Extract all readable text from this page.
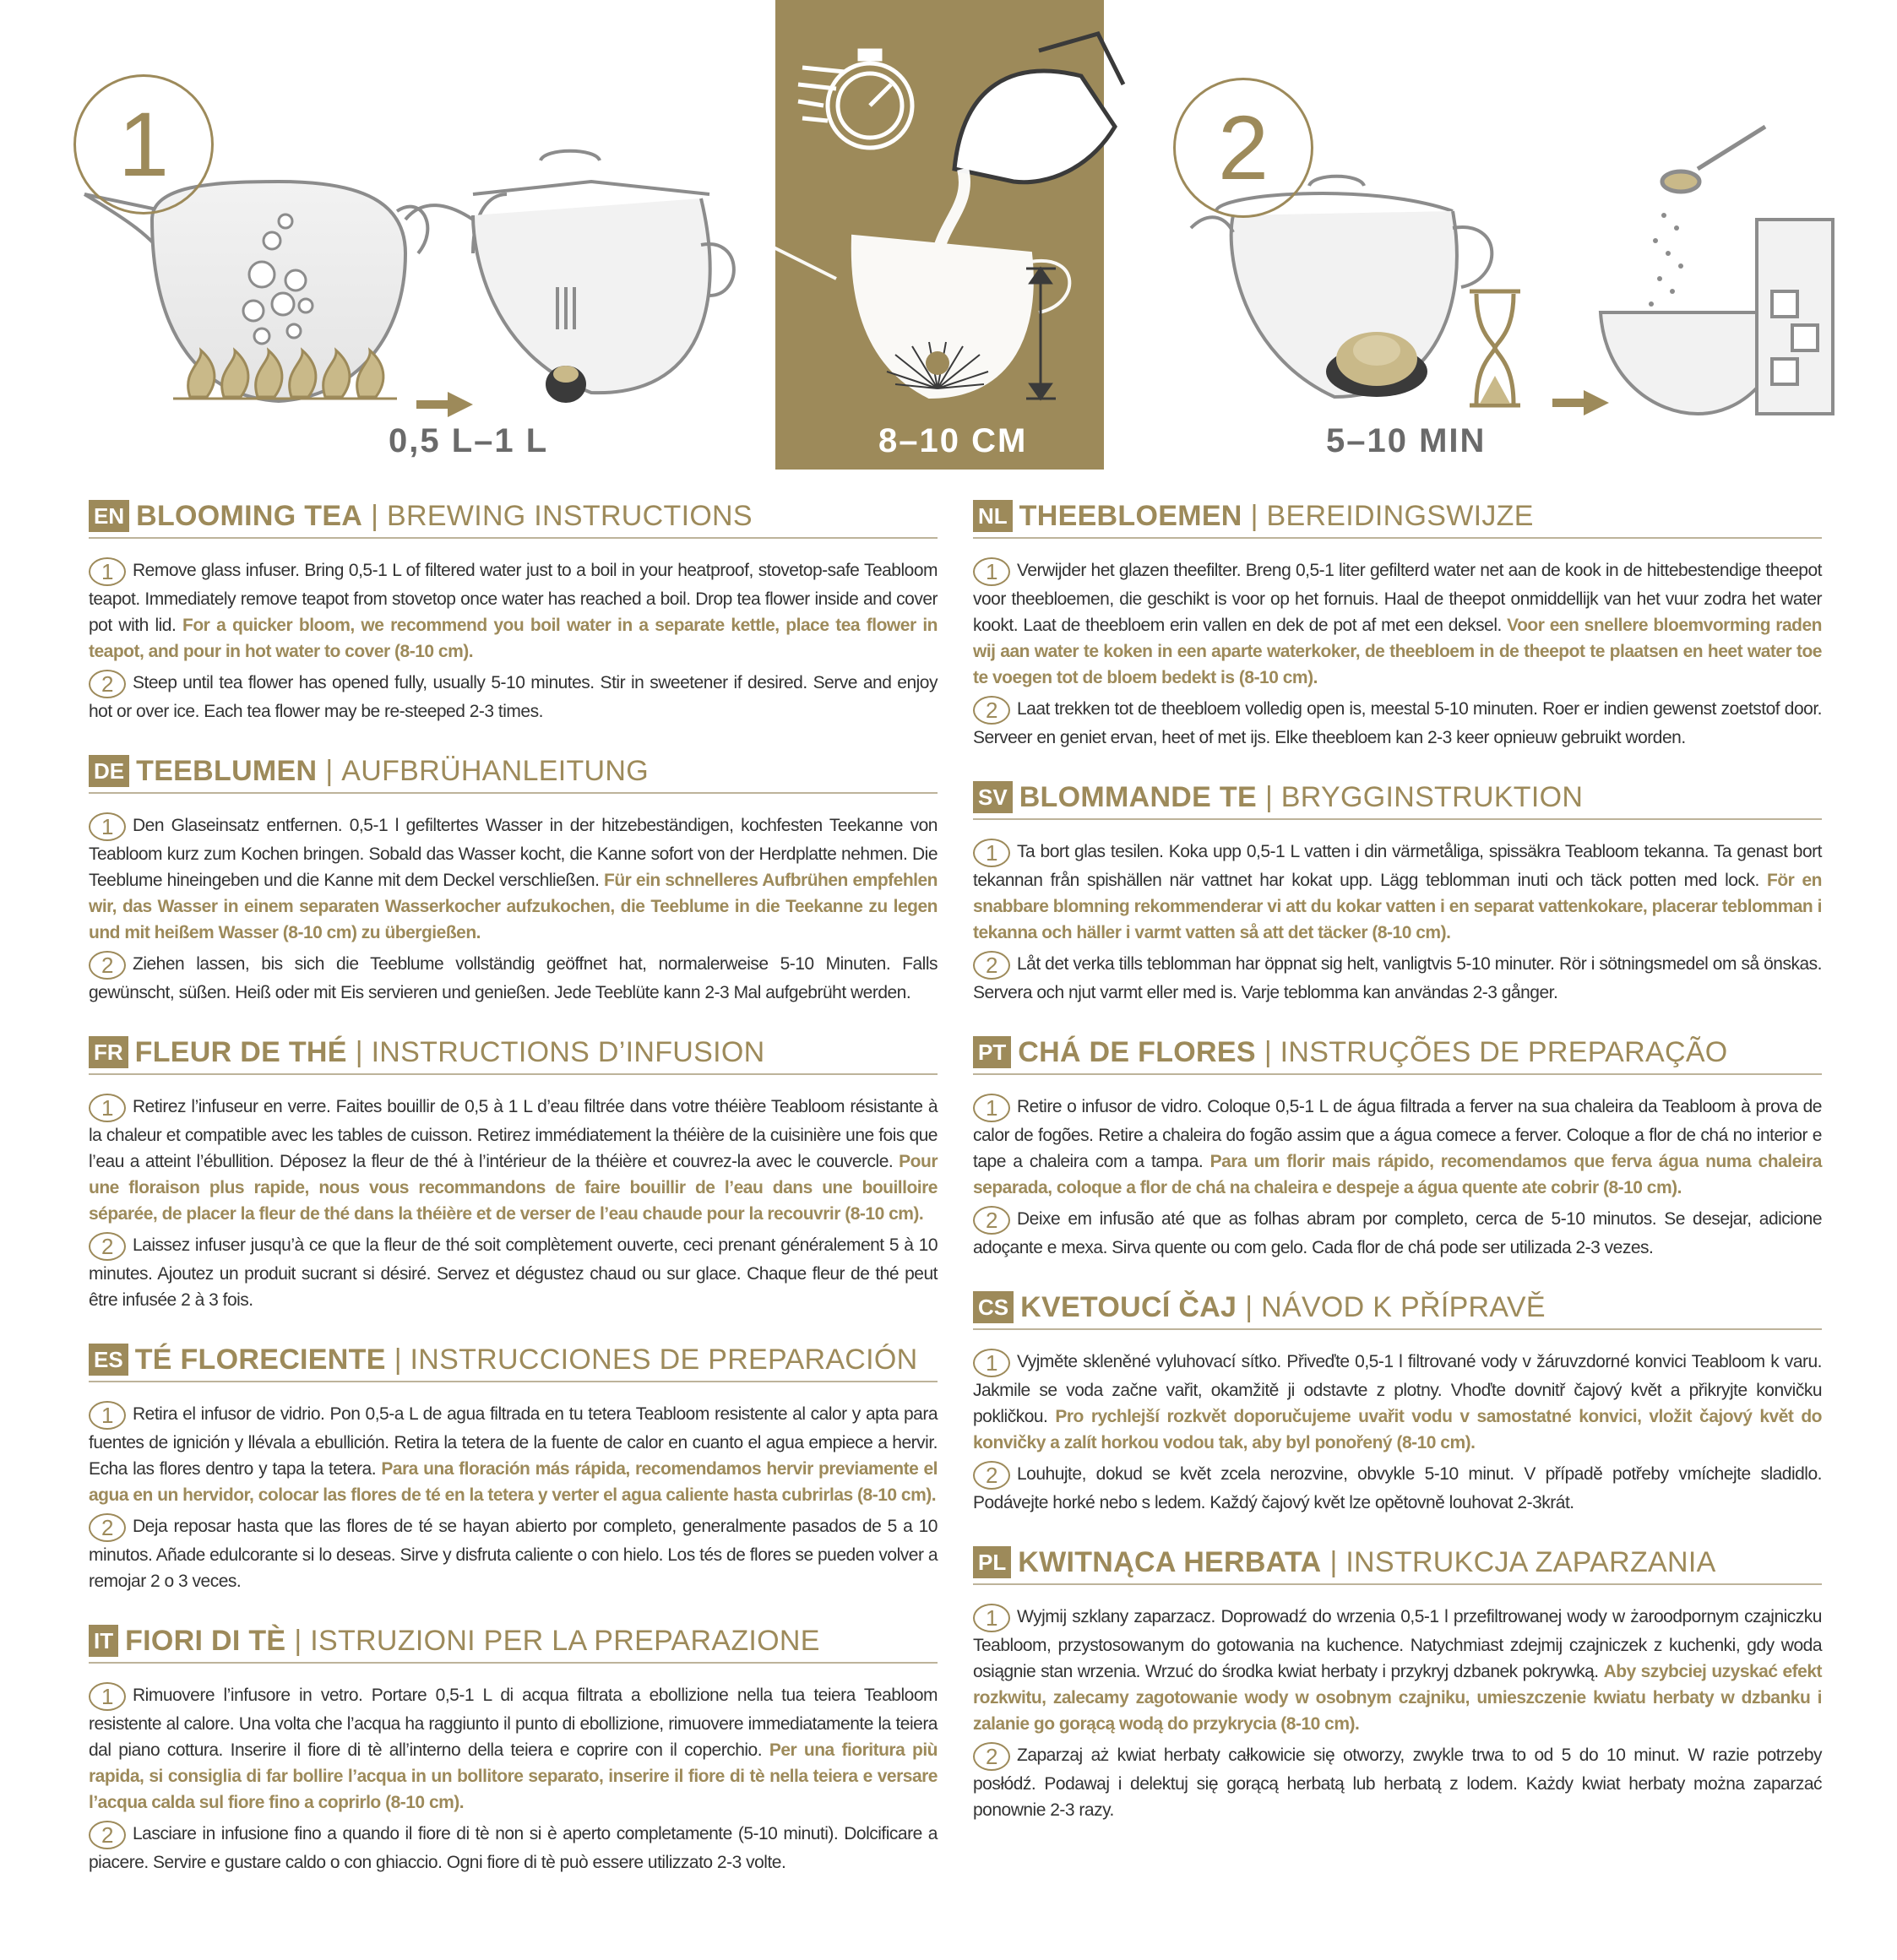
1	2
0,5 L–1 L	8–10 CM	5–10 MIN
EN BLOOMING TEA | BREWING INSTRUCTIONS

1 Remove glass infuser. Bring 0,5-1 L of filtered water just to a boil in your heatproof, stovetop-safe Teabloom teapot. Immediately remove teapot from stovetop once water has reached a boil. Drop tea flower inside and cover pot with lid. For a quicker bloom, we recommend you boil water in a separate kettle, place tea flower in teapot, and pour in hot water to cover (8-10 cm).

2 Steep until tea flower has opened fully, usually 5-10 minutes. Stir in sweetener if desired. Serve and enjoy hot or over ice. Each tea flower may be re-steeped 2-3 times.

DE TEEBLUMEN | AUFBRÜHANLEITUNG

1 Den Glaseinsatz entfernen. 0,5-1 l gefiltertes Wasser in der hitzebeständigen, kochfesten Teekanne von Teabloom kurz zum Kochen bringen. Sobald das Wasser kocht, die Kanne sofort von der Herdplatte nehmen. Die Teeblume hineingeben und die Kanne mit dem Deckel verschließen. Für ein schnelleres Aufbrühen empfehlen wir, das Wasser in einem separaten Wasserkocher aufzukochen, die Teeblume in die Teekanne zu legen und mit heißem Wasser (8-10 cm) zu übergießen.

2 Ziehen lassen, bis sich die Teeblume vollständig geöffnet hat, normalerweise 5-10 Minuten. Falls gewünscht, süßen. Heiß oder mit Eis servieren und genießen. Jede Teeblüte kann 2-3 Mal aufgebrüht werden.

FR FLEUR DE THÉ | INSTRUCTIONS D’INFUSION

1 Retirez l’infuseur en verre. Faites bouillir de 0,5 à 1 L d’eau filtrée dans votre théière Teabloom résistante à la chaleur et compatible avec les tables de cuisson. Retirez immédiatement la théière de la cuisinière une fois que l’eau a atteint l’ébullition. Déposez la fleur de thé à l’intérieur de la théière et couvrez-la avec le couvercle. Pour une floraison plus rapide, nous vous recommandons de faire bouillir de l’eau dans une bouilloire séparée, de placer la fleur de thé dans la théière et de verser de l’eau chaude pour la recouvrir (8-10 cm).

2 Laissez infuser jusqu’à ce que la fleur de thé soit complètement ouverte, ceci prenant généralement 5 à 10 minutes. Ajoutez un produit sucrant si désiré. Servez et dégustez chaud ou sur glace. Chaque fleur de thé peut être infusée 2 à 3 fois.

ES TÉ FLORECIENTE | INSTRUCCIONES DE PREPARACIÓN

1 Retira el infusor de vidrio. Pon 0,5-a L de agua filtrada en tu tetera Teabloom resistente al calor y apta para fuentes de ignición y llévala a ebullición. Retira la tetera de la fuente de calor en cuanto el agua empiece a hervir. Echa las flores dentro y tapa la tetera. Para una floración más rápida, recomendamos hervir previamente el agua en un hervidor, colocar las flores de té en la tetera y verter el agua caliente hasta cubrirlas (8-10 cm).

2 Deja reposar hasta que las flores de té se hayan abierto por completo, generalmente pasados de 5 a 10 minutos. Añade edulcorante si lo deseas. Sirve y disfruta caliente o con hielo. Los tés de flores se pueden volver a remojar 2 o 3 veces.

IT FIORI DI TÈ | ISTRUZIONI PER LA PREPARAZIONE

1 Rimuovere l’infusore in vetro. Portare 0,5-1 L di acqua filtrata a ebollizione nella tua teiera Teabloom resistente al calore. Una volta che l’acqua ha raggiunto il punto di ebollizione, rimuovere immediatamente la teiera dal piano cottura. Inserire il fiore di tè all’interno della teiera e coprire con il coperchio. Per una fioritura più rapida, si consiglia di far bollire l’acqua in un bollitore separato, inserire il fiore di tè nella teiera e versare l’acqua calda sul fiore fino a coprirlo (8-10 cm).

2 Lasciare in infusione fino a quando il fiore di tè non si è aperto completamente (5-10 minuti). Dolcificare a piacere. Servire e gustare caldo o con ghiaccio. Ogni fiore di tè può essere utilizzato 2-3 volte.

NL THEEBLOEMEN | BEREIDINGSWIJZE

1 Verwijder het glazen theefilter. Breng 0,5-1 liter gefilterd water net aan de kook in de hittebestendige theepot voor theebloemen, die geschikt is voor op het fornuis. Haal de theepot onmiddellijk van het vuur zodra het water kookt. Laat de theebloem erin vallen en dek de pot af met een deksel. Voor een snellere bloemvorming raden wij aan water te koken in een aparte waterkoker, de theebloem in de theepot te plaatsen en heet water toe te voegen tot de bloem bedekt is (8-10 cm).

2 Laat trekken tot de theebloem volledig open is, meestal 5-10 minuten. Roer er indien gewenst zoetstof door. Serveer en geniet ervan, heet of met ijs. Elke theebloem kan 2-3 keer opnieuw gebruikt worden.

SV BLOMMANDE TE | BRYGGINSTRUKTION

1 Ta bort glas tesilen. Koka upp 0,5-1 L vatten i din värmetåliga, spissäkra Teabloom tekanna. Ta genast bort tekannan från spishällen när vattnet har kokat upp. Lägg teblomman inuti och täck potten med lock. För en snabbare blomning rekommenderar vi att du kokar vatten i en separat vattenkokare, placerar teblomman i tekanna och häller i varmt vatten så att det täcker (8-10 cm).

2 Låt det verka tills teblomman har öppnat sig helt, vanligtvis 5-10 minuter. Rör i sötningsmedel om så önskas. Servera och njut varmt eller med is. Varje teblomma kan användas 2-3 gånger.

PT CHÁ DE FLORES | INSTRUÇÕES DE PREPARAÇÃO

1 Retire o infusor de vidro. Coloque 0,5-1 L de água filtrada a ferver na sua chaleira da Teabloom à prova de calor de fogões. Retire a chaleira do fogão assim que a água comece a ferver. Coloque a flor de chá no interior e tape a chaleira com a tampa. Para um florir mais rápido, recomendamos que ferva água numa chaleira separada, coloque a flor de chá na chaleira e despeje a água quente ate cobrir (8-10 cm).

2 Deixe em infusão até que as folhas abram por completo, cerca de 5-10 minutos. Se desejar, adicione adoçante e mexa. Sirva quente ou com gelo. Cada flor de chá pode ser utilizada 2-3 vezes.

CS KVETOUCÍ ČAJ | NÁVOD K PŘÍPRAVĚ

1 Vyjměte skleněné vyluhovací sítko. Přiveďte 0,5-1 l filtrované vody v žáruvzdorné konvici Teabloom k varu. Jakmile se voda začne vařit, okamžitě ji odstavte z plotny. Vhoďte dovnitř čajový květ a přikryjte konvičku pokličkou. Pro rychlejší rozkvět doporučujeme uvařit vodu v samostatné konvici, vložit čajový květ do konvičky a zalít horkou vodou tak, aby byl ponořený (8-10 cm).

2 Louhujte, dokud se květ zcela nerozvine, obvykle 5-10 minut. V případě potřeby vmíchejte sladidlo. Podávejte horké nebo s ledem. Každý čajový květ lze opětovně louhovat 2-3krát.

PL KWITNĄCA HERBATA | INSTRUKCJA ZAPARZANIA

1 Wyjmij szklany zaparzacz. Doprowadź do wrzenia 0,5-1 l przefiltrowanej wody w żaroodpornym czajniczku Teabloom, przystosowanym do gotowania na kuchence. Natychmiast zdejmij czajniczek z kuchenki, gdy woda osiągnie stan wrzenia. Wrzuć do środka kwiat herbaty i przykryj dzbanek pokrywką. Aby szybciej uzyskać efekt rozkwitu, zalecamy zagotowanie wody w osobnym czajniku, umieszczenie kwiatu herbaty w dzbanku i zalanie go gorącą wodą do przykrycia (8-10 cm).

2 Zaparzaj aż kwiat herbaty całkowicie się otworzy, zwykle trwa to od 5 do 10 minut. W razie potrzeby posłódź. Podawaj i delektuj się gorącą herbatą lub herbatą z lodem. Każdy kwiat herbaty można zaparzać ponownie 2-3 razy.
